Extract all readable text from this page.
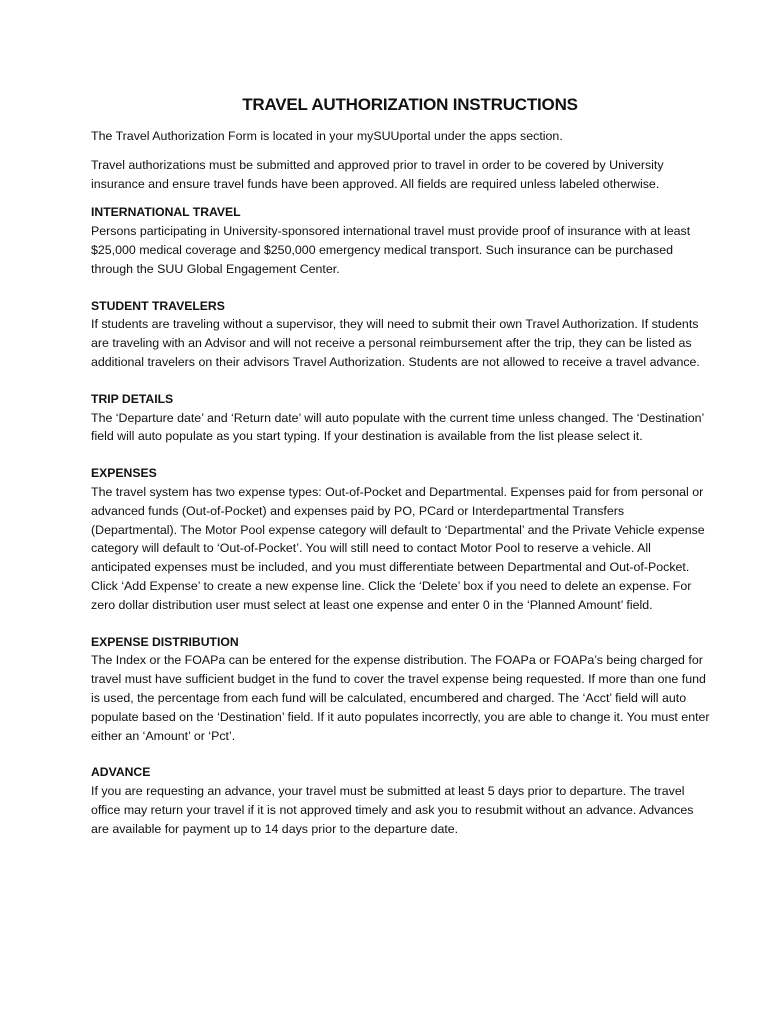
TRAVEL AUTHORIZATION INSTRUCTIONS

The Travel Authorization Form is located in your mySUUportal under the apps section.

Travel authorizations must be submitted and approved prior to travel in order to be covered by University insurance and ensure travel funds have been approved. All fields are required unless labeled otherwise.

INTERNATIONAL TRAVEL

Persons participating in University-sponsored international travel must provide proof of insurance with at least $25,000 medical coverage and $250,000 emergency medical transport. Such insurance can be purchased through the SUU Global Engagement Center.

STUDENT TRAVELERS

If students are traveling without a supervisor, they will need to submit their own Travel Authorization. If students are traveling with an Advisor and will not receive a personal reimbursement after the trip, they can be listed as additional travelers on their advisors Travel Authorization. Students are not allowed to receive a travel advance.

TRIP DETAILS

The ‘Departure date’ and ‘Return date’ will auto populate with the current time unless changed. The ‘Destination’ field will auto populate as you start typing. If your destination is available from the list please select it.

EXPENSES

The travel system has two expense types: Out-of-Pocket and Departmental. Expenses paid for from personal or advanced funds (Out-of-Pocket) and expenses paid by PO, PCard or Interdepartmental Transfers (Departmental). The Motor Pool expense category will default to ‘Departmental’ and the Private Vehicle expense category will default to ‘Out-of-Pocket’. You will still need to contact Motor Pool to reserve a vehicle. All anticipated expenses must be included, and you must differentiate between Departmental and Out-of-Pocket. Click ‘Add Expense’ to create a new expense line. Click the ‘Delete’ box if you need to delete an expense. For zero dollar distribution user must select at least one expense and enter 0 in the ‘Planned Amount’ field.

EXPENSE DISTRIBUTION

The Index or the FOAPa can be entered for the expense distribution. The FOAPa or FOAPa’s being charged for travel must have sufficient budget in the fund to cover the travel expense being requested. If more than one fund is used, the percentage from each fund will be calculated, encumbered and charged. The ‘Acct’ field will auto populate based on the ‘Destination’ field. If it auto populates incorrectly, you are able to change it. You must enter either an ‘Amount’ or ‘Pct’.

ADVANCE

If you are requesting an advance, your travel must be submitted at least 5 days prior to departure. The travel office may return your travel if it is not approved timely and ask you to resubmit without an advance. Advances are available for payment up to 14 days prior to the departure date.
